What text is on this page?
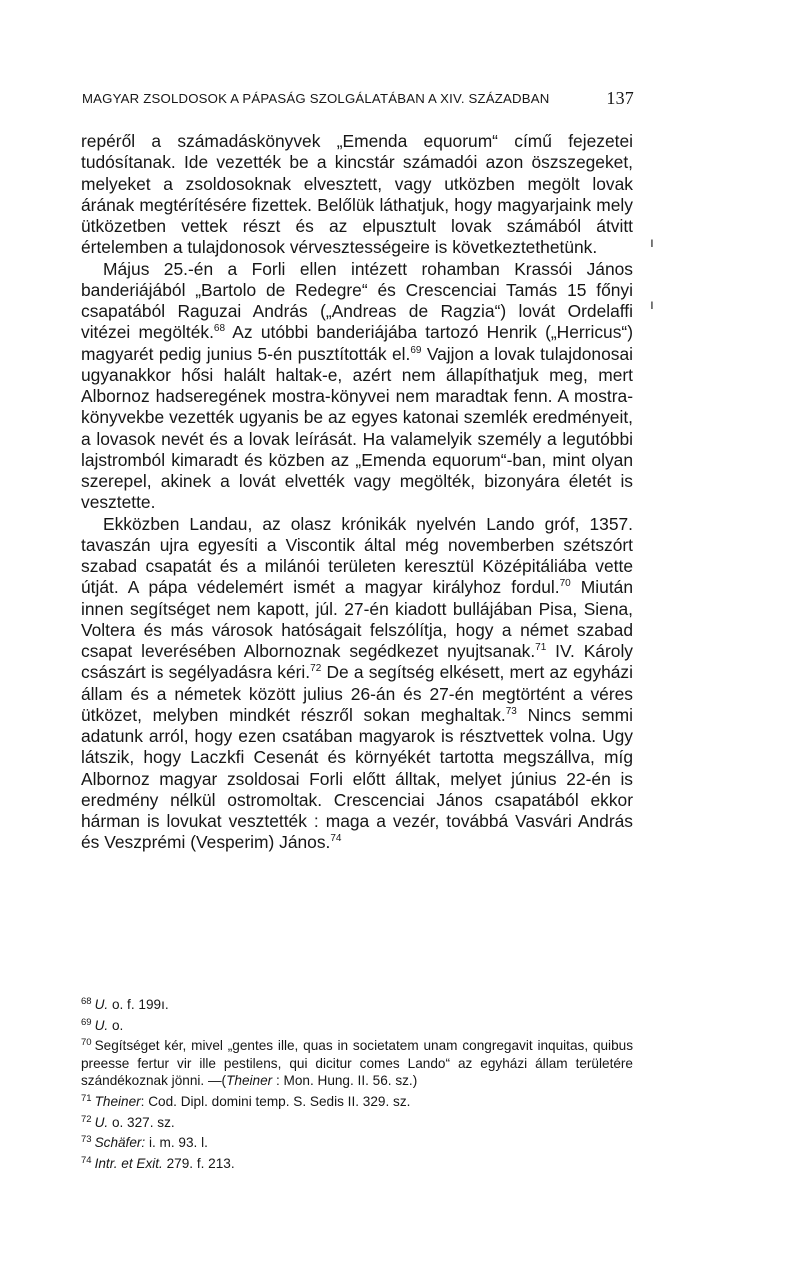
MAGYAR ZSOLDOSOK A PÁPASÁG SZOLGÁLATÁBAN A XIV. SZÁZADBAN	137
ı
ı

repéről a számadáskönyvek „Emenda equorum“ című fejezetei tudósítanak. Ide vezették be a kincstár számadói azon öszszegeket, melyeket a zsoldosoknak elvesztett, vagy utközben megölt lovak árának megtérítésére fizettek. Belőlük láthatjuk, hogy magyarjaink mely ütközetben vettek részt és az elpusztult lovak számából átvitt értelemben a tulajdonosok vérvesztességeire is következtethetünk.

Május 25.-én a Forli ellen intézett rohamban Krassói János banderiájából „Bartolo de Redegre“ és Crescenciai Tamás 15 főnyi csapatából Raguzai András („Andreas de Ragzia“) lovát Ordelaffi vitézei megölték.$^{68}$ Az utóbbi banderiájába tartozó Henrik („Herricus“) magyarét pedig junius 5-én pusztították el.$^{69}$ Vajjon a lovak tulajdonosai ugyanakkor hősi halált haltak-e, azért nem állapíthatjuk meg, mert Albornoz hadseregének mostra-könyvei nem maradtak fenn. A mostra-könyvekbe vezették ugyanis be az egyes katonai szemlék eredményeit, a lovasok nevét és a lovak leírását. Ha valamelyik személy a legutóbbi lajstromból kimaradt és közben az „Emenda equorum“-ban, mint olyan szerepel, akinek a lovát elvették vagy megölték, bizonyára életét is vesztette.

Ekközben Landau, az olasz krónikák nyelvén Lando gróf, 1357. tavaszán ujra egyesíti a Viscontik által még novemberben szétszórt szabad csapatát és a milánói területen keresztül Középitáliába vette útját. A pápa védelemért ismét a magyar királyhoz fordul.$^{70}$ Miután innen segítséget nem kapott, júl. 27-én kiadott bullájában Pisa, Siena, Voltera és más városok hatóságait felszólítja, hogy a német szabad csapat leverésében Albornoznak segédkezet nyujtsanak.$^{71}$ IV. Károly császárt is segélyadásra kéri.$^{72}$ De a segítség elkésett, mert az egyházi állam és a németek között julius 26-án és 27-én megtörtént a véres ütközet, melyben mindkét részről sokan meghaltak.$^{73}$ Nincs semmi adatunk arról, hogy ezen csatában magyarok is résztvettek volna. Ugy látszik, hogy Laczkfi Cesenát és környékét tartotta megszállva, míg Albornoz magyar zsoldosai Forli előtt álltak, melyet június 22-én is eredmény nélkül ostromoltak. Crescenciai János csapatából ekkor hárman is lovukat vesztették : maga a vezér, továbbá Vasvári András és Veszprémi (Vesperim) János.$^{74}$

$^{68}$ U. o. f. 199ı.

$^{69}$ U. o.

$^{70}$ Segítséget kér, mivel „gentes ille, quas in societatem unam congregavit inquitas, quibus preesse fertur vir ille pestilens, qui dicitur comes Lando“ az egyházi állam területére szándékoznak jönni. —(Theiner : Mon. Hung. II. 56. sz.)

$^{71}$ Theiner: Cod. Dipl. domini temp. S. Sedis II. 329. sz.

$^{72}$ U. o. 327. sz.

$^{73}$ Schäfer: i. m. 93. l.

$^{74}$ Intr. et Exit. 279. f. 213.
